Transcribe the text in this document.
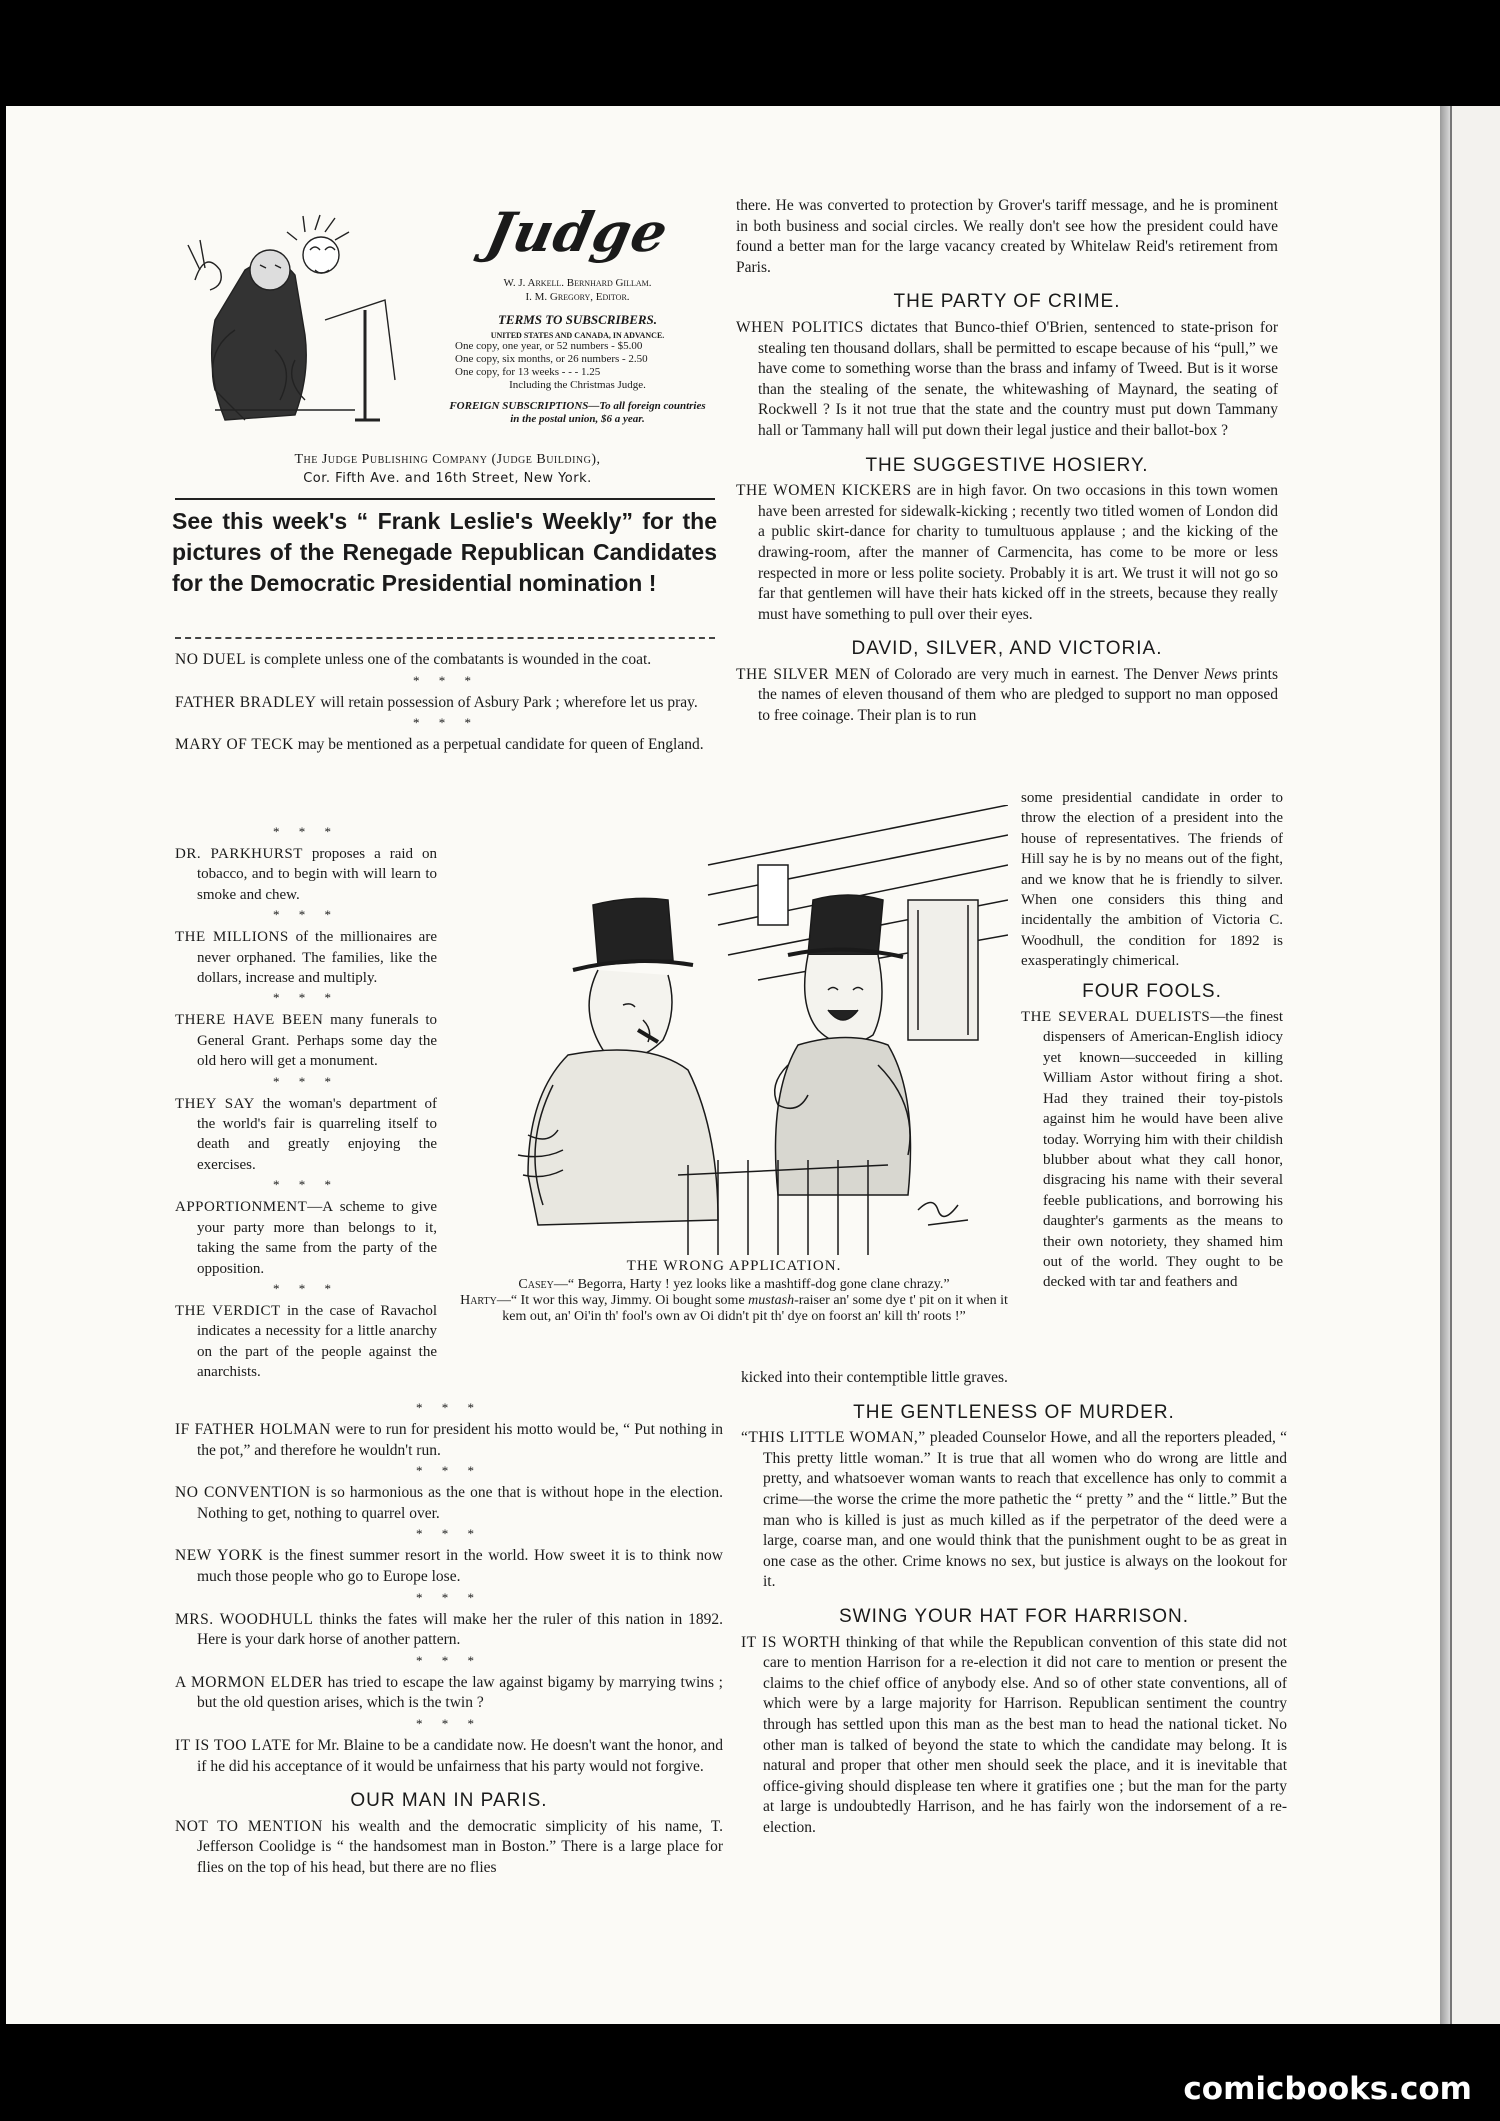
Judge
W. J. Arkell. Bernhard Gillam.
I. M. Gregory, Editor.
TERMS TO SUBSCRIBERS.
UNITED STATES AND CANADA, IN ADVANCE.
One copy, one year, or 52 numbers - $5.00
One copy, six months, or 26 numbers - 2.50
One copy, for 13 weeks - - - 1.25
Including the Christmas Judge.
FOREIGN SUBSCRIPTIONS—To all foreign countries in the postal union, $6 a year.
The Judge Publishing Company (Judge Building),
Cor. Fifth Ave. and 16th Street, New York.

See this week's “ Frank Leslie's Weekly” for the pictures of the Renegade Republican Candidates for the Democratic Presidential nomination !

NO DUEL is complete unless one of the combatants is wounded in the coat.

* * *

FATHER BRADLEY will retain possession of Asbury Park ; wherefore let us pray.

* * *

MARY OF TECK may be mentioned as a perpetual candidate for queen of England.

* * *

DR. PARKHURST proposes a raid on tobacco, and to begin with will learn to smoke and chew.

* * *

THE MILLIONS of the millionaires are never orphaned. The families, like the dollars, increase and multiply.

* * *

THERE HAVE BEEN many funerals to General Grant. Perhaps some day the old hero will get a monument.

* * *

THEY SAY the woman's department of the world's fair is quarreling itself to death and greatly enjoying the exercises.

* * *

APPORTIONMENT—A scheme to give your party more than belongs to it, taking the same from the party of the opposition.

* * *

THE VERDICT in the case of Ravachol indicates a necessity for a little anarchy on the part of the people against the anarchists.

* * *

IF FATHER HOLMAN were to run for president his motto would be, “ Put nothing in the pot,” and therefore he wouldn't run.

* * *

NO CONVENTION is so harmonious as the one that is without hope in the election. Nothing to get, nothing to quarrel over.

* * *

NEW YORK is the finest summer resort in the world. How sweet it is to think now much those people who go to Europe lose.

* * *

MRS. WOODHULL thinks the fates will make her the ruler of this nation in 1892. Here is your dark horse of another pattern.

* * *

A MORMON ELDER has tried to escape the law against bigamy by marrying twins ; but the old question arises, which is the twin ?

* * *

IT IS TOO LATE for Mr. Blaine to be a candidate now. He doesn't want the honor, and if he did his acceptance of it would be unfairness that his party would not forgive.

OUR MAN IN PARIS.

NOT TO MENTION his wealth and the democratic simplicity of his name, T. Jefferson Coolidge is “ the handsomest man in Boston.” There is a large place for flies on the top of his head, but there are no flies

there. He was converted to protection by Grover's tariff message, and he is prominent in both business and social circles. We really don't see how the president could have found a better man for the large vacancy created by Whitelaw Reid's retirement from Paris.

THE PARTY OF CRIME.

WHEN POLITICS dictates that Bunco-thief O'Brien, sentenced to state-prison for stealing ten thousand dollars, shall be permitted to escape because of his “pull,” we have come to something worse than the brass and infamy of Tweed. But is it worse than the stealing of the senate, the whitewashing of Maynard, the seating of Rockwell ? Is it not true that the state and the country must put down Tammany hall or Tammany hall will put down their legal justice and their ballot-box ?

THE SUGGESTIVE HOSIERY.

THE WOMEN KICKERS are in high favor. On two occasions in this town women have been arrested for sidewalk-kicking ; recently two titled women of London did a public skirt-dance for charity to tumultuous applause ; and the kicking of the drawing-room, after the manner of Carmencita, has come to be more or less respected in more or less polite society. Probably it is art. We trust it will not go so far that gentlemen will have their hats kicked off in the streets, because they really must have something to pull over their eyes.

DAVID, SILVER, AND VICTORIA.

THE SILVER MEN of Colorado are very much in earnest. The Denver News prints the names of eleven thousand of them who are pledged to support no man opposed to free coinage. Their plan is to run

some presidential candidate in order to throw the election of a president into the house of representatives. The friends of Hill say he is by no means out of the fight, and we know that he is friendly to silver. When one considers this thing and incidentally the ambition of Victoria C. Woodhull, the condition for 1892 is exasperatingly chimerical.

FOUR FOOLS.

THE SEVERAL DUELISTS—the finest dispensers of American-English idiocy yet known—succeeded in killing William Astor without firing a shot. Had they trained their toy-pistols against him he would have been alive today. Worrying him with their childish blubber about what they call honor, disgracing his name with their several feeble publications, and borrowing his daughter's garments as the means to their own notoriety, they shamed him out of the world. They ought to be decked with tar and feathers and

THE WRONG APPLICATION.
Casey—“ Begorra, Harty ! yez looks like a mashtiff-dog gone clane chrazy.”
Harty—“ It wor this way, Jimmy. Oi bought some mustash-raiser an' some dye t' pit on it when it kem out, an' Oi'in th' fool's own av Oi didn't pit th' dye on foorst an' kill th' roots !”

kicked into their contemptible little graves.

THE GENTLENESS OF MURDER.

“THIS LITTLE WOMAN,” pleaded Counselor Howe, and all the reporters pleaded, “ This pretty little woman.” It is true that all women who do wrong are little and pretty, and whatsoever woman wants to reach that excellence has only to commit a crime—the worse the crime the more pathetic the “ pretty ” and the “ little.” But the man who is killed is just as much killed as if the perpetrator of the deed were a large, coarse man, and one would think that the punishment ought to be as great in one case as the other. Crime knows no sex, but justice is always on the lookout for it.

SWING YOUR HAT FOR HARRISON.

IT IS WORTH thinking of that while the Republican convention of this state did not care to mention Harrison for a re-election it did not care to mention or present the claims to the chief office of anybody else. And so of other state conventions, all of which were by a large majority for Harrison. Republican sentiment the country through has settled upon this man as the best man to head the national ticket. No other man is talked of beyond the state to which the candidate may belong. It is natural and proper that other men should seek the place, and it is inevitable that office-giving should displease ten where it gratifies one ; but the man for the party at large is undoubtedly Harrison, and he has fairly won the indorsement of a re-election.

comicbooks.com
